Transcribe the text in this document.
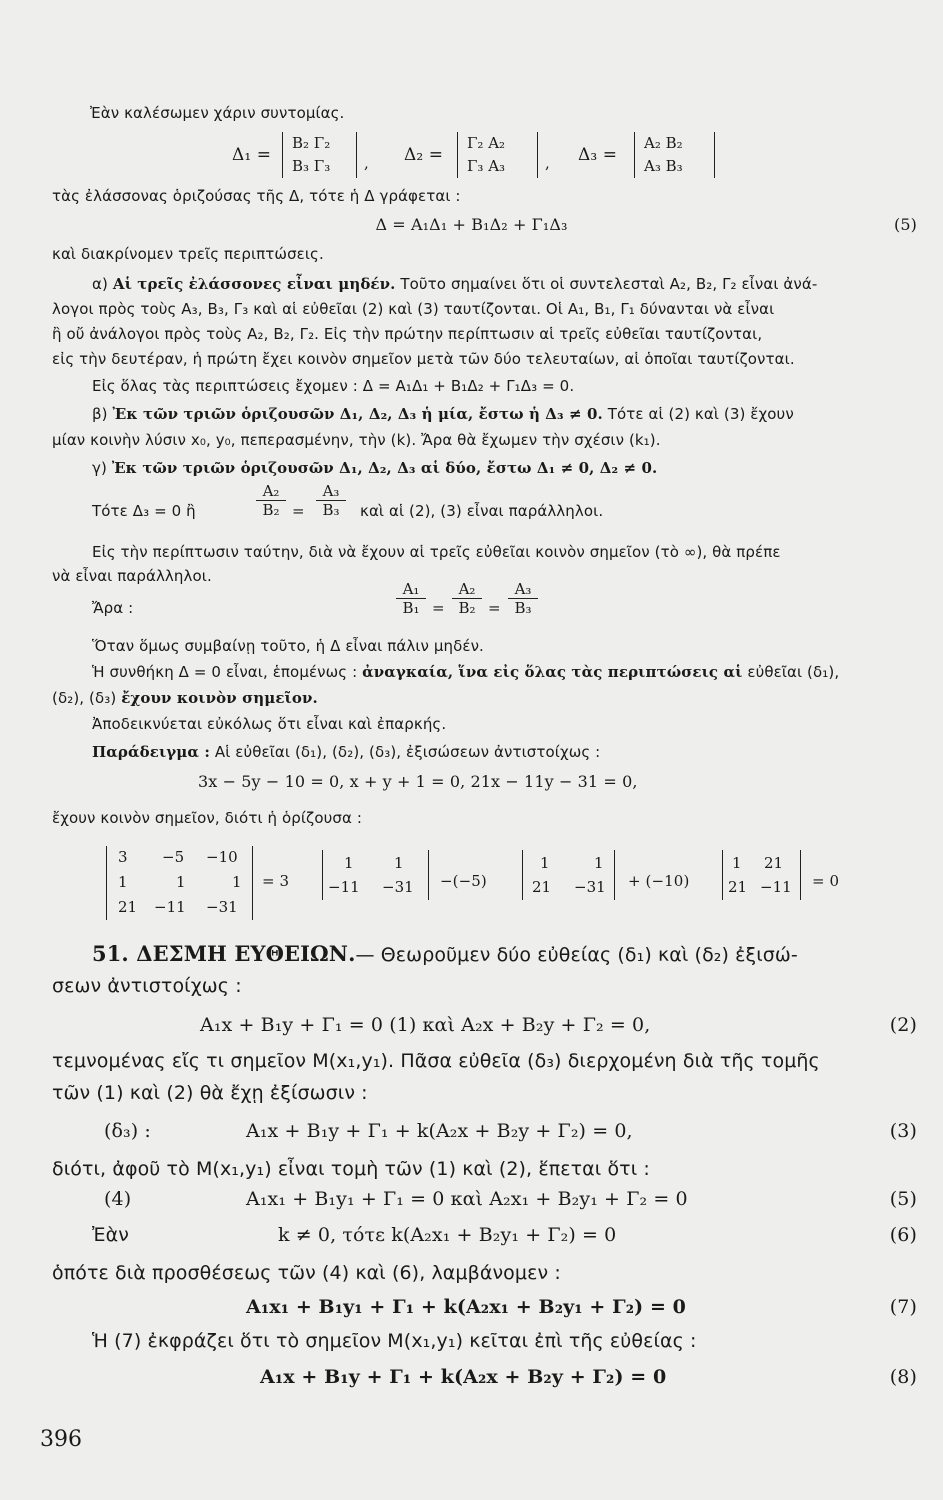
Ἐὰν καλέσωμεν χάριν συντομίας.
Δ₁ =
B₂ Γ₂
B₃ Γ₃ , Δ₂ =
Γ₂ A₂
Γ₃ A₃	, Δ₃ =
A₂ B₂
A₃ B₃
τὰς ἐλάσσονας ὁριζούσας τῆς Δ, τότε ἡ Δ γράφεται :
Δ = A₁Δ₁ + B₁Δ₂ + Γ₁Δ₃	(5)
καὶ διακρίνομεν τρεῖς περιπτώσεις.
α) Αἱ τρεῖς ἐλάσσονες εἶναι μηδέν. Τοῦτο σημαίνει ὅτι οἱ συντελεσταὶ A₂, B₂, Γ₂ εἶναι ἀνά-
λογοι πρὸς τοὺς A₃, B₃, Γ₃ καὶ αἱ εὐθεῖαι (2) καὶ (3) ταυτίζονται. Οἱ A₁, B₁, Γ₁ δύνανται νὰ εἶναι
ἢ οὔ ἀνάλογοι πρὸς τοὺς A₂, B₂, Γ₂. Εἰς τὴν πρώτην περίπτωσιν αἱ τρεῖς εὐθεῖαι ταυτίζονται,
εἰς τὴν δευτέραν, ἡ πρώτη ἔχει κοινὸν σημεῖον μετὰ τῶν δύο τελευταίων, αἱ ὁποῖαι ταυτίζονται.
Εἰς ὅλας τὰς περιπτώσεις ἔχομεν : Δ = A₁Δ₁ + B₁Δ₂ + Γ₁Δ₃ = 0.
β) Ἐκ τῶν τριῶν ὁριζουσῶν Δ₁, Δ₂, Δ₃ ἡ μία, ἔστω ἡ Δ₃ ≠ 0. Τότε αἱ (2) καὶ (3) ἔχουν
μίαν κοινὴν λύσιν x₀, y₀, πεπερασμένην, τὴν (k). Ἄρα θὰ ἔχωμεν τὴν σχέσιν (k₁).
γ) Ἐκ τῶν τριῶν ὁριζουσῶν Δ₁, Δ₂, Δ₃ αἱ δύο, ἔστω Δ₁ ≠ 0, Δ₂ ≠ 0.
Τότε Δ₃ = 0 ἢ
A₂
B₂ =
A₃
B₃	καὶ αἱ (2), (3) εἶναι παράλληλοι.
Εἰς τὴν περίπτωσιν ταύτην, διὰ νὰ ἔχουν αἱ τρεῖς εὐθεῖαι κοινὸν σημεῖον (τὸ ∞), θὰ πρέπε
νὰ εἶναι παράλληλοι.
Ἄρα :
A₁
B₁ =
A₂
B₂ =
A₃
B₃
Ὅταν ὅμως συμβαίνῃ τοῦτο, ἡ Δ εἶναι πάλιν μηδέν.
Ἡ συνθήκη Δ = 0 εἶναι, ἑπομένως : ἀναγκαία, ἵνα εἰς ὅλας τὰς περιπτώσεις αἱ εὐθεῖαι (δ₁),
(δ₂), (δ₃) ἔχουν κοινὸν σημεῖον.
Ἀποδεικνύεται εὐκόλως ὅτι εἶναι καὶ ἐπαρκής.
Παράδειγμα : Αἱ εὐθεῖαι (δ₁), (δ₂), (δ₃), ἐξισώσεων ἀντιστοίχως :
3x − 5y − 10 = 0, x + y + 1 = 0, 21x − 11y − 31 = 0,
ἔχουν κοινὸν σημεῖον, διότι ἡ ὁρίζουσα :
3 −5 −10
1	1	1
21 −11 −31
= 3
1	1
−11 −31 −(−5)
1	1
21 −31 + (−10)
1 21
21 −11 = 0
51. ΔΕΣΜΗ ΕΥΘΕΙΩΝ.— Θεωροῦμεν δύο εὐθείας (δ₁) καὶ (δ₂) ἐξισώ-
σεων ἀντιστοίχως :
A₁x + B₁y + Γ₁ = 0 (1) καὶ A₂x + B₂y + Γ₂ = 0,	(2)
τεμνομένας εἴς τι σημεῖον M(x₁,y₁). Πᾶσα εὐθεῖα (δ₃) διερχομένη διὰ τῆς τομῆς
τῶν (1) καὶ (2) θὰ ἔχῃ ἐξίσωσιν :
(δ₃) :	A₁x + B₁y + Γ₁ + k(A₂x + B₂y + Γ₂) = 0,	(3)
διότι, ἀφοῦ τὸ M(x₁,y₁) εἶναι τομὴ τῶν (1) καὶ (2), ἕπεται ὅτι :
(4)	A₁x₁ + B₁y₁ + Γ₁ = 0 καὶ A₂x₁ + B₂y₁ + Γ₂ = 0	(5)
Ἐὰν	k ≠ 0, τότε k(A₂x₁ + B₂y₁ + Γ₂) = 0	(6)
ὁπότε διὰ προσθέσεως τῶν (4) καὶ (6), λαμβάνομεν :
A₁x₁ + B₁y₁ + Γ₁ + k(A₂x₁ + B₂y₁ + Γ₂) = 0	(7)
Ἡ (7) ἐκφράζει ὅτι τὸ σημεῖον M(x₁,y₁) κεῖται ἐπὶ τῆς εὐθείας :
A₁x + B₁y + Γ₁ + k(A₂x + B₂y + Γ₂) = 0	(8)
396
